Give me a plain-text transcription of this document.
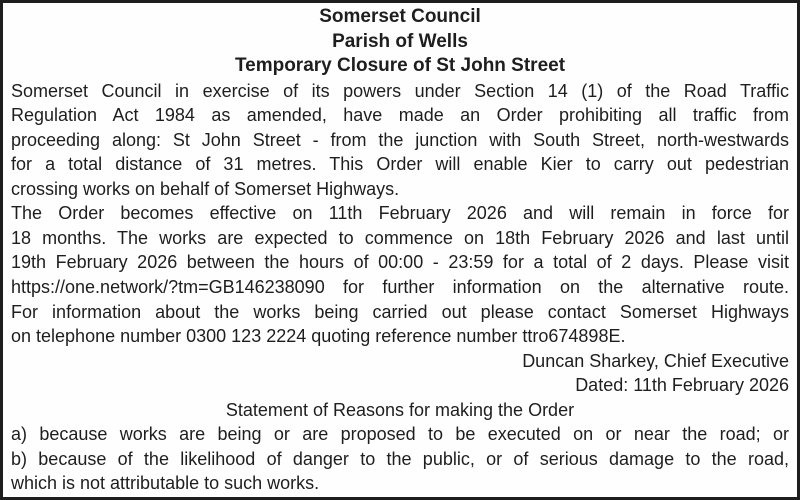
Somerset Council
Parish of Wells
Temporary Closure of St John Street
Somerset Council in exercise of its powers under Section 14 (1) of the Road Traffic
Regulation Act 1984 as amended, have made an Order prohibiting all traffic from
proceeding along: St John Street - from the junction with South Street, north-westwards
for a total distance of 31 metres. This Order will enable Kier to carry out pedestrian
crossing works on behalf of Somerset Highways.
The Order becomes effective on 11th February 2026 and will remain in force for
18 months. The works are expected to commence on 18th February 2026 and last until
19th February 2026 between the hours of 00:00 - 23:59 for a total of 2 days. Please visit
https://one.network/?tm=GB146238090 for further information on the alternative route.
For information about the works being carried out please contact Somerset Highways
on telephone number 0300 123 2224 quoting reference number ttro674898E.
Duncan Sharkey, Chief Executive
Dated: 11th February 2026
Statement of Reasons for making the Order
a) because works are being or are proposed to be executed on or near the road; or
b) because of the likelihood of danger to the public, or of serious damage to the road,
which is not attributable to such works.
